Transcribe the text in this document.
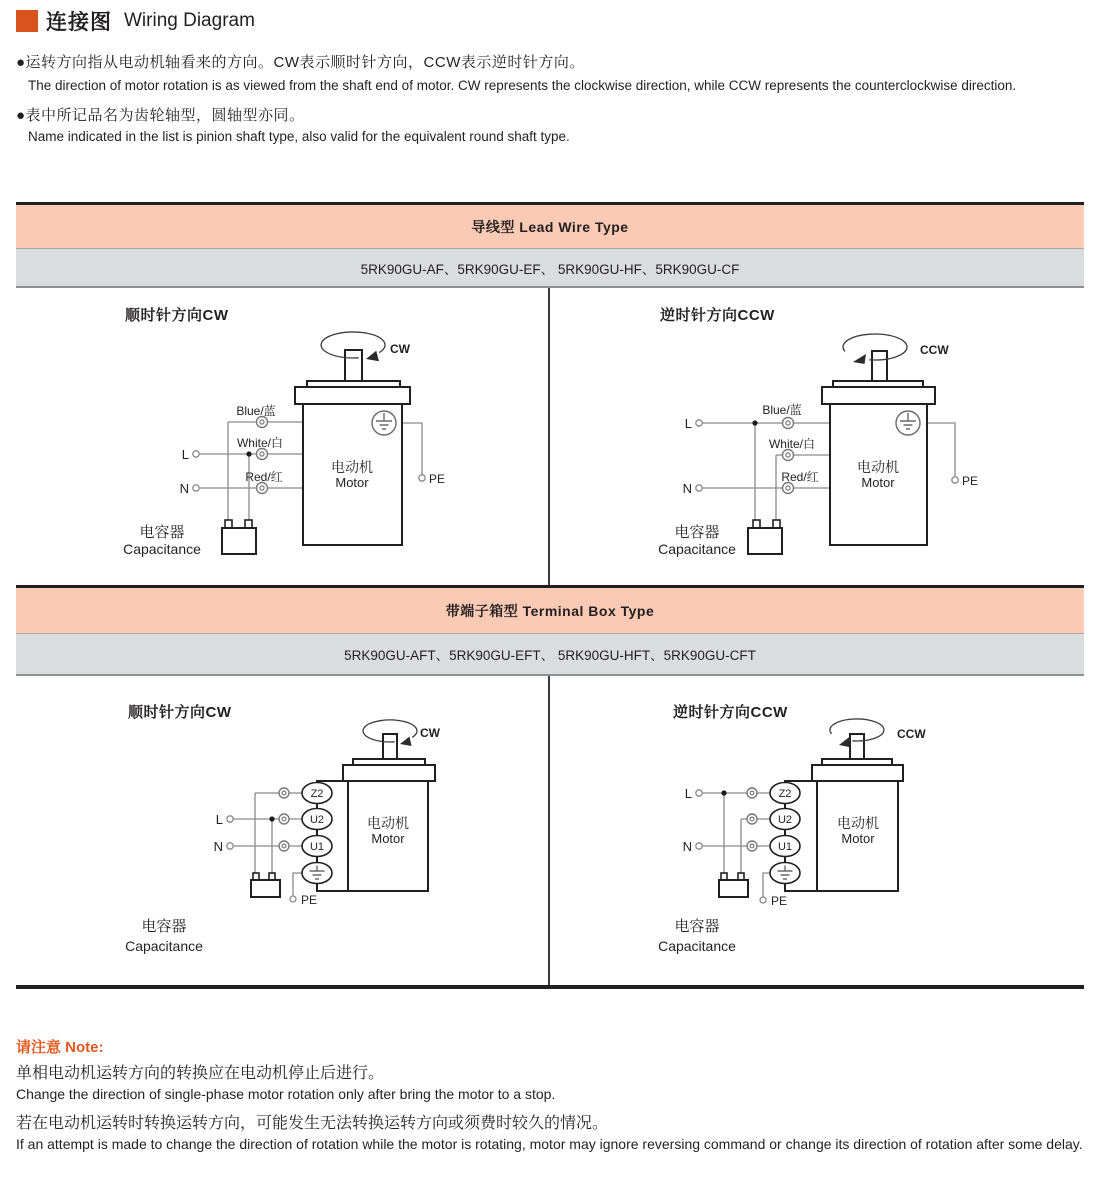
连接图 Wiring Diagram
●运转方向指从电动机轴看来的方向。CW表示顺时针方向，CCW表示逆时针方向。
The direction of motor rotation is as viewed from the shaft end of motor. CW represents the clockwise direction, while CCW represents the counterclockwise direction.
●表中所记品名为齿轮轴型，圆轴型亦同。
Name indicated in the list is pinion shaft type, also valid for the equivalent round shaft type.
导线型 Lead Wire Type
5RK90GU-AF、5RK90GU-EF、 5RK90GU-HF、5RK90GU-CF
顺时针方向CW	逆时针方向CCW
Blue/蓝
White/白
Red/红
L
N
PE
CW
电动机
Motor
电容器
Capacitance
Blue/蓝
White/白
Red/红
L
N	PE
CCW
电动机
Motor
电容器
Capacitance
带端子箱型 Terminal Box Type
5RK90GU-AFT、5RK90GU-EFT、 5RK90GU-HFT、5RK90GU-CFT
顺时针方向CW	逆时针方向CCW
Z2
U2
U1
L
N
PE
CW
电动机
Motor
电容器
Capacitance
Z2
U2
U1
L
N
PE
CCW
电动机
Motor
电容器
Capacitance
请注意 Note:
单相电动机运转方向的转换应在电动机停止后进行。
Change the direction of single-phase motor rotation only after bring the motor to a stop.
若在电动机运转时转换运转方向，可能发生无法转换运转方向或须费时较久的情况。
If an attempt is made to change the direction of rotation while the motor is rotating, motor may ignore reversing command or change its direction of rotation after some delay.
